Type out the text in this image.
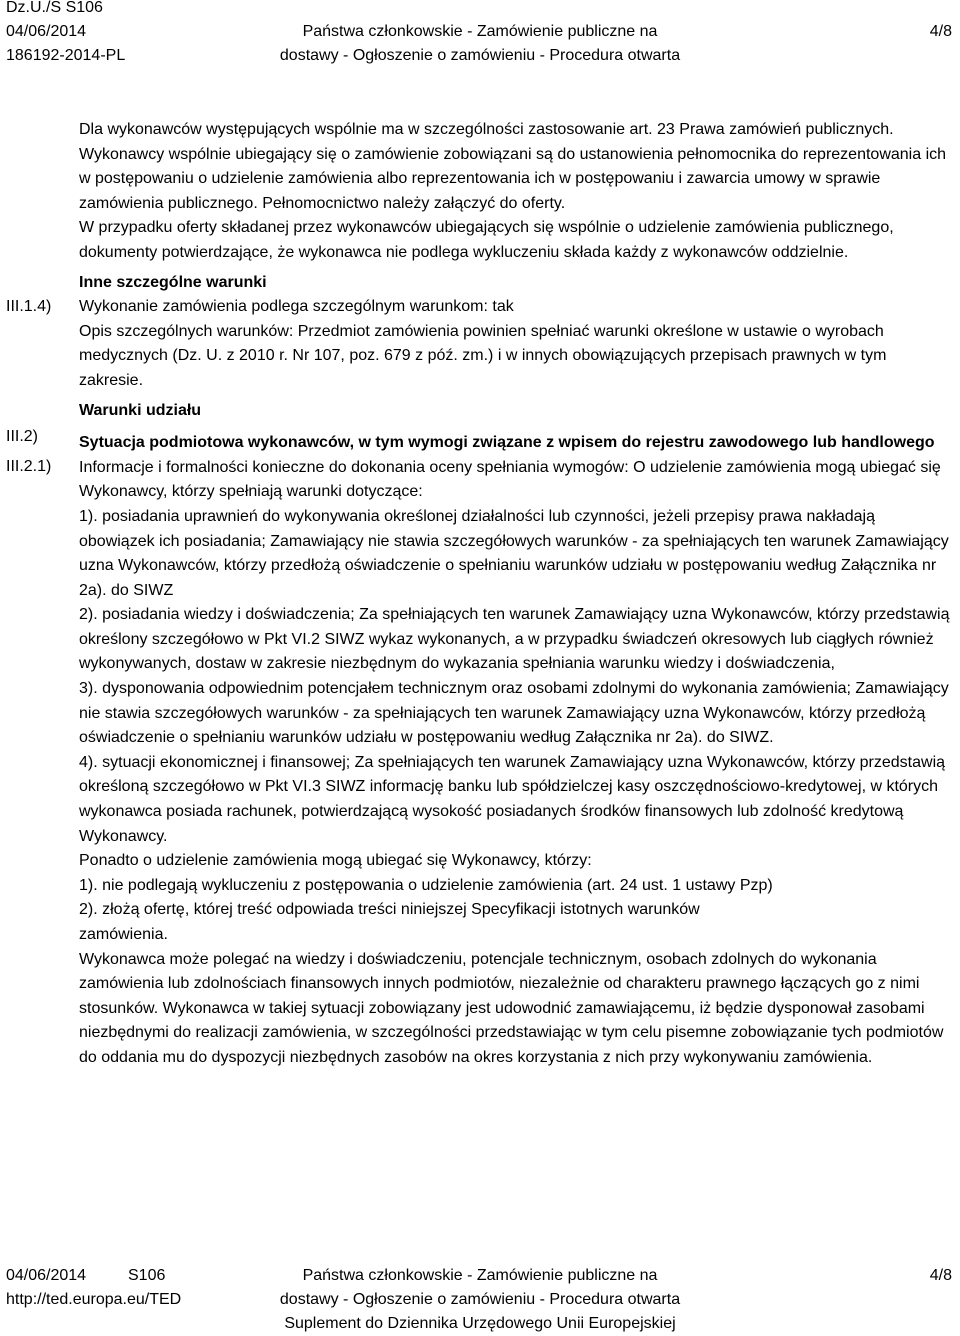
Dz.U./S S106
04/06/2014
186192-2014-PL
Państwa członkowskie - Zamówienie publiczne na
dostawy - Ogłoszenie o zamówieniu - Procedura otwarta
4/8
III.1.4)
III.2)
III.2.1)

Dla wykonawców występujących wspólnie ma w szczególności zastosowanie art. 23 Prawa zamówień publicznych. Wykonawcy wspólnie ubiegający się o zamówienie zobowiązani są do ustanowienia pełnomocnika do reprezentowania ich w postępowaniu o udzielenie zamówienia albo reprezentowania ich w postępowaniu i zawarcia umowy w sprawie zamówienia publicznego. Pełnomocnictwo należy załączyć do oferty.

W przypadku oferty składanej przez wykonawców ubiegających się wspólnie o udzielenie zamówienia publicznego, dokumenty potwierdzające, że wykonawca nie podlega wykluczeniu składa każdy z wykonawców oddzielnie.

Inne szczególne warunki

Wykonanie zamówienia podlega szczególnym warunkom: tak

Opis szczególnych warunków: Przedmiot zamówienia powinien spełniać warunki określone w ustawie o wyrobach medycznych (Dz. U. z 2010 r. Nr 107, poz. 679 z póź. zm.) i w innych obowiązujących przepisach prawnych w tym zakresie.

Warunki udziału

Sytuacja podmiotowa wykonawców, w tym wymogi związane z wpisem do rejestru zawodowego lub handlowego

Informacje i formalności konieczne do dokonania oceny spełniania wymogów: O udzielenie zamówienia mogą ubiegać się Wykonawcy, którzy spełniają warunki dotyczące:

1). posiadania uprawnień do wykonywania określonej działalności lub czynności, jeżeli przepisy prawa nakładają obowiązek ich posiadania; Zamawiający nie stawia szczegółowych warunków - za spełniających ten warunek Zamawiający uzna Wykonawców, którzy przedłożą oświadczenie o spełnianiu warunków udziału w postępowaniu według Załącznika nr 2a). do SIWZ

2). posiadania wiedzy i doświadczenia; Za spełniających ten warunek Zamawiający uzna Wykonawców, którzy przedstawią określony szczegółowo w Pkt VI.2 SIWZ wykaz wykonanych, a w przypadku świadczeń okresowych lub ciągłych również wykonywanych, dostaw w zakresie niezbędnym do wykazania spełniania warunku wiedzy i doświadczenia,

3). dysponowania odpowiednim potencjałem technicznym oraz osobami zdolnymi do wykonania zamówienia; Zamawiający nie stawia szczegółowych warunków - za spełniających ten warunek Zamawiający uzna Wykonawców, którzy przedłożą oświadczenie o spełnianiu warunków udziału w postępowaniu według Załącznika nr 2a). do SIWZ.

4). sytuacji ekonomicznej i finansowej; Za spełniających ten warunek Zamawiający uzna Wykonawców, którzy przedstawią określoną szczegółowo w Pkt VI.3 SIWZ informację banku lub spółdzielczej kasy oszczędnościowo-kredytowej, w których wykonawca posiada rachunek, potwierdzającą wysokość posiadanych środków finansowych lub zdolność kredytową Wykonawcy.

Ponadto o udzielenie zamówienia mogą ubiegać się Wykonawcy, którzy:

1). nie podlegają wykluczeniu z postępowania o udzielenie zamówienia (art. 24 ust. 1 ustawy Pzp)

2). złożą ofertę, której treść odpowiada treści niniejszej Specyfikacji istotnych warunków zamówienia.

Wykonawca może polegać na wiedzy i doświadczeniu, potencjale technicznym, osobach zdolnych do wykonania zamówienia lub zdolnościach finansowych innych podmiotów, niezależnie od charakteru prawnego łączących go z nimi stosunków. Wykonawca w takiej sytuacji zobowiązany jest udowodnić zamawiającemu, iż będzie dysponował zasobami niezbędnymi do realizacji zamówienia, w szczególności przedstawiając w tym celu pisemne zobowiązanie tych podmiotów do oddania mu do dyspozycji niezbędnych zasobów na okres korzystania z nich przy wykonywaniu zamówienia.

04/06/2014	S106
http://ted.europa.eu/TED
Państwa członkowskie - Zamówienie publiczne na
dostawy - Ogłoszenie o zamówieniu - Procedura otwarta
Suplement do Dziennika Urzędowego Unii Europejskiej
4/8
